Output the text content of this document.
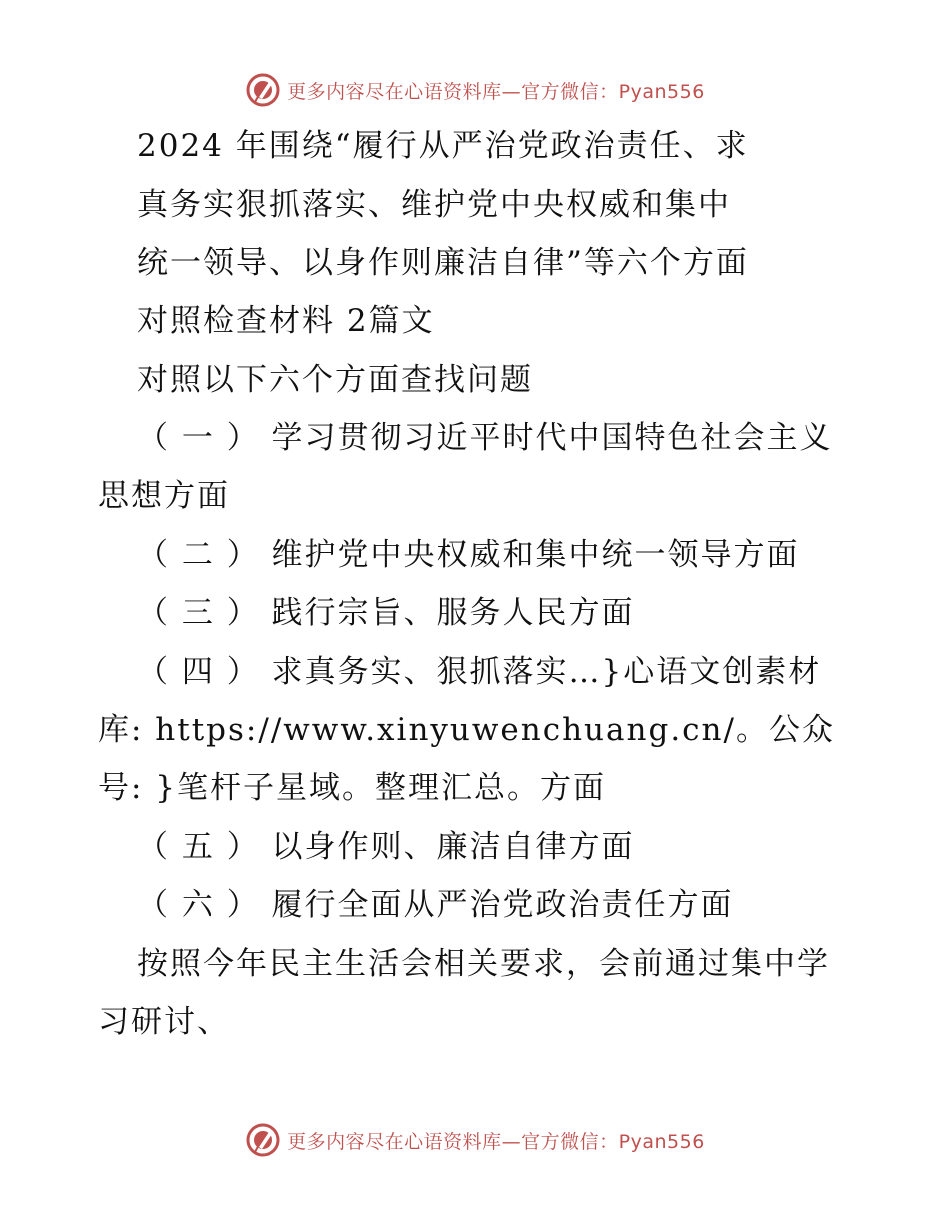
更多内容尽在心语资料库—官方微信：Pyan556
2024 年围绕“履行从严治党政治责任、求
真务实狠抓落实、维护党中央权威和集中
统一领导、以身作则廉洁自律”等六个方面
对照检查材料 2篇文
对照以下六个方面查找问题
（ 一 ） 学习贯彻习近平时代中国特色社会主义
思想方面
（ 二 ） 维护党中央权威和集中统一领导方面
（ 三 ） 践行宗旨、服务人民方面
（ 四 ） 求真务实、狠抓落实…}心语文创素材
库: https://www.xinyuwenchuang.cn/。公众
号: }笔杆子星域。整理汇总。方面
（ 五 ） 以身作则、廉洁自律方面
（ 六 ） 履行全面从严治党政治责任方面
按照今年民主生活会相关要求，会前通过集中学
习研讨、
更多内容尽在心语资料库—官方微信：Pyan556
